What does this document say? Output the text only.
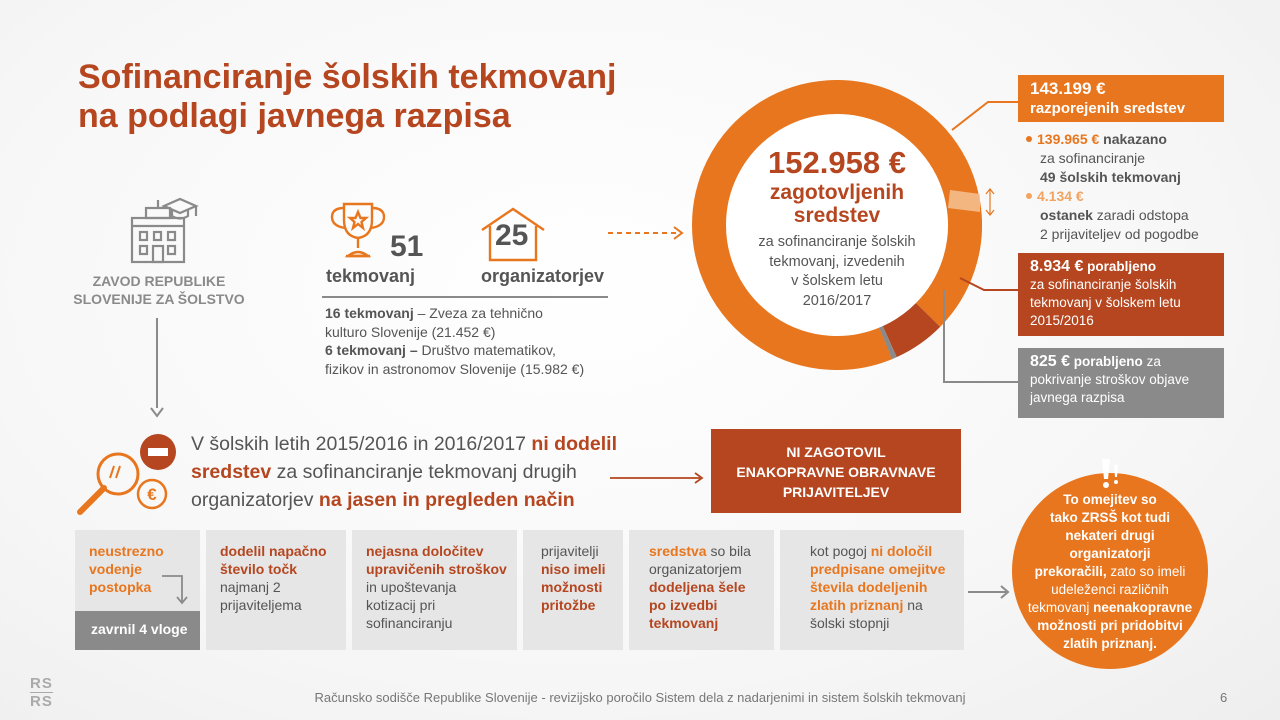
Sofinanciranje šolskih tekmovanj
na podlagi javnega razpisa
ZAVOD REPUBLIKE
SLOVENIJE ZA ŠOLSTVO
51
tekmovanj
25
organizatorjev
16 tekmovanj – Zveza za tehnično
kulturo Slovenije (21.452 €)
6 tekmovanj – Društvo matematikov,
fizikov in astronomov Slovenije (15.982 €)
152.958 €
zagotovljenih
sredstev
za sofinanciranje šolskih
tekmovanj, izvedenih
v šolskem letu
2016/2017
143.199 €
razporejenih sredstev
139.965 € nakazano
za sofinanciranje
49 šolskih tekmovanj
4.134 €
ostanek zaradi odstopa
2 prijaviteljev od pogodbe
8.934 € porabljeno
za sofinanciranje šolskih
tekmovanj v šolskem letu
2015/2016
825 € porabljeno za
pokrivanje stroškov objave
javnega razpisa
€
V šolskih letih 2015/2016 in 2016/2017 ni dodelil sredstev za sofinanciranje tekmovanj drugih organizatorjev na jasen in pregleden način
NI ZAGOTOVIL
ENAKOPRAVNE OBRAVNAVE
PRIJAVITELJEV
neustrezno
vodenje
postopka
zavrnil 4 vloge
dodelil napačno
število točk
najmanj 2
prijaviteljema
nejasna določitev
upravičenih stroškov
in upoštevanja
kotizacij pri
sofinanciranju
prijavitelji
niso imeli
možnosti
pritožbe
sredstva so bila
organizatorjem
dodeljena šele
po izvedbi
tekmovanj
kot pogoj ni določil
predpisane omejitve
števila dodeljenih
zlatih priznanj na
šolski stopnji
To omejitev so
tako ZRSŠ kot tudi
nekateri drugi organizatorji
prekoračili, zato so imeli
udeleženci različnih
tekmovanj neenakopravne
možnosti pri pridobitvi
zlatih priznanj.
RS
RS	Računsko sodišče Republike Slovenije - revizijsko poročilo Sistem dela z nadarjenimi in sistem šolskih tekmovanj	6
